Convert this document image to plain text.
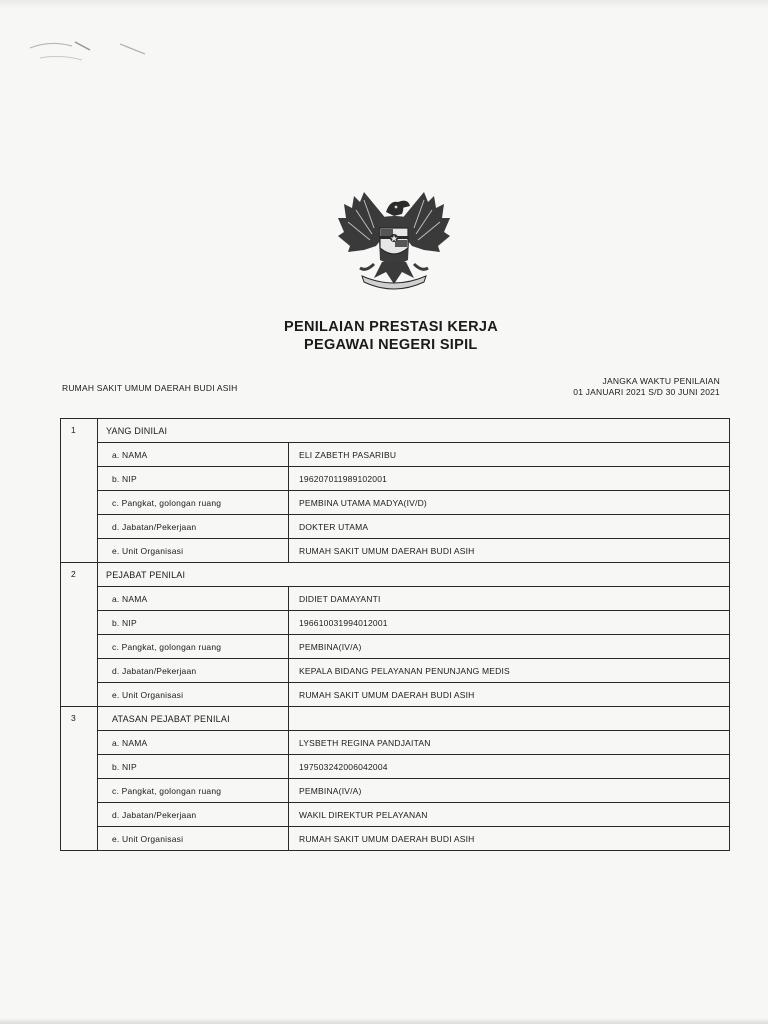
PENILAIAN PRESTASI KERJA
PEGAWAI NEGERI SIPIL
RUMAH SAKIT UMUM DAERAH BUDI ASIH
JANGKA WAKTU PENILAIAN
01 JANUARI 2021 S/D 30 JUNI 2021
1	YANG DINILAI	
	a. NAMA	ELI ZABETH PASARIBU
	b. NIP	196207011989102001
	c. Pangkat, golongan ruang	PEMBINA UTAMA MADYA(IV/D)
	d. Jabatan/Pekerjaan	DOKTER UTAMA
	e. Unit Organisasi	RUMAH SAKIT UMUM DAERAH BUDI ASIH
2	PEJABAT PENILAI	
	a. NAMA	DIDIET DAMAYANTI
	b. NIP	196610031994012001
	c. Pangkat, golongan ruang	PEMBINA(IV/A)
	d. Jabatan/Pekerjaan	KEPALA BIDANG PELAYANAN PENUNJANG MEDIS
	e. Unit Organisasi	RUMAH SAKIT UMUM DAERAH BUDI ASIH
3	ATASAN PEJABAT PENILAI	
	a. NAMA	LYSBETH REGINA PANDJAITAN
	b. NIP	197503242006042004
	c. Pangkat, golongan ruang	PEMBINA(IV/A)
	d. Jabatan/Pekerjaan	WAKIL DIREKTUR PELAYANAN
	e. Unit Organisasi	RUMAH SAKIT UMUM DAERAH BUDI ASIH
